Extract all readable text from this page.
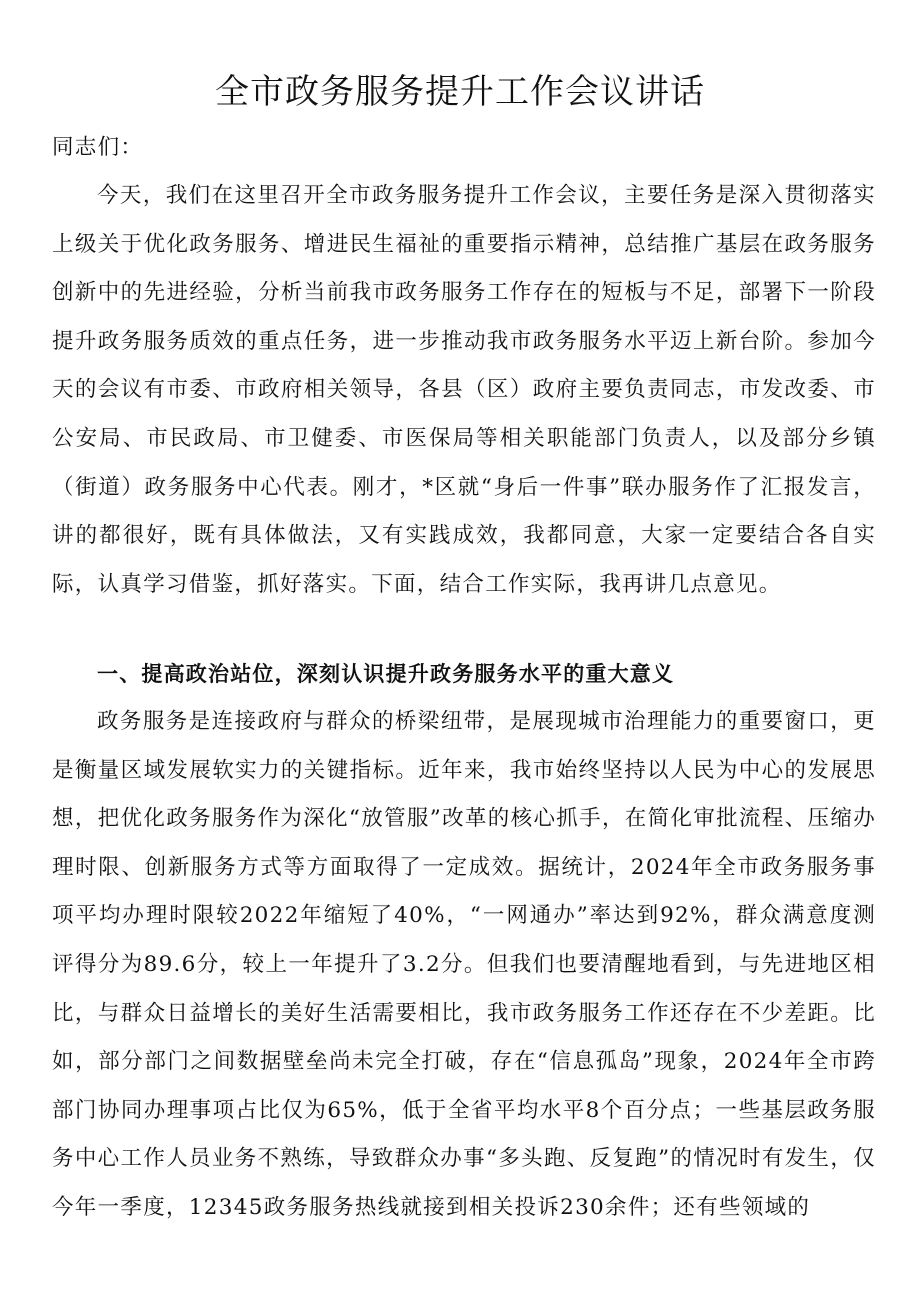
全市政务服务提升工作会议讲话

同志们：

今天，我们在这里召开全市政务服务提升工作会议，主要任务是深入贯彻落实上级关于优化政务服务、增进民生福祉的重要指示精神，总结推广基层在政务服务创新中的先进经验，分析当前我市政务服务工作存在的短板与不足，部署下一阶段提升政务服务质效的重点任务，进一步推动我市政务服务水平迈上新台阶。参加今天的会议有市委、市政府相关领导，各县（区）政府主要负责同志，市发改委、市公安局、市民政局、市卫健委、市医保局等相关职能部门负责人，以及部分乡镇（街道）政务服务中心代表。刚才，*区就“身后一件事”联办服务作了汇报发言，讲的都很好，既有具体做法，又有实践成效，我都同意，大家一定要结合各自实际，认真学习借鉴，抓好落实。下面，结合工作实际，我再讲几点意见。

一、提高政治站位，深刻认识提升政务服务水平的重大意义

政务服务是连接政府与群众的桥梁纽带，是展现城市治理能力的重要窗口，更是衡量区域发展软实力的关键指标。近年来，我市始终坚持以人民为中心的发展思想，把优化政务服务作为深化“放管服”改革的核心抓手，在简化审批流程、压缩办理时限、创新服务方式等方面取得了一定成效。据统计，2024年全市政务服务事项平均办理时限较2022年缩短了40%，“一网通办”率达到92%，群众满意度测评得分为89.6分，较上一年提升了3.2分。但我们也要清醒地看到，与先进地区相比，与群众日益增长的美好生活需要相比，我市政务服务工作还存在不少差距。比如，部分部门之间数据壁垒尚未完全打破，存在“信息孤岛”现象，2024年全市跨部门协同办理事项占比仅为65%，低于全省平均水平8个百分点；一些基层政务服务中心工作人员业务不熟练，导致群众办事“多头跑、反复跑”的情况时有发生，仅今年一季度，12345政务服务热线就接到相关投诉230余件；还有些领域的
